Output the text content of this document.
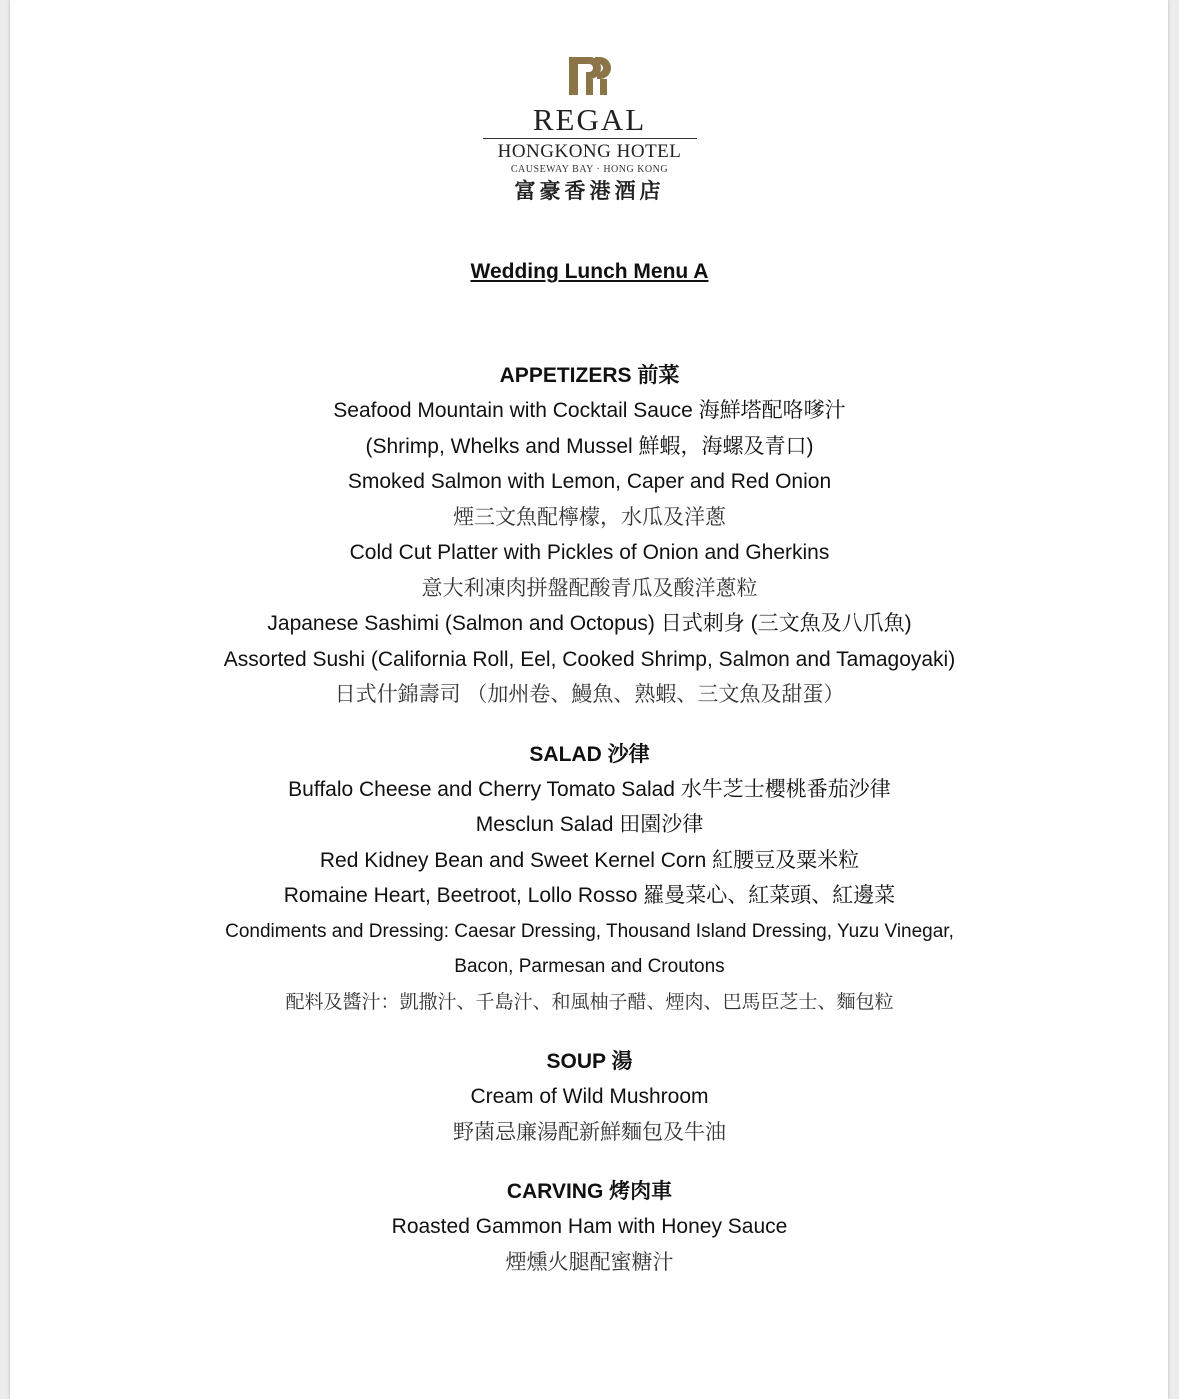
REGAL
HONGKONG HOTEL
CAUSEWAY BAY · HONG KONG
富豪香港酒店
Wedding Lunch Menu A
APPETIZERS 前菜
Seafood Mountain with Cocktail Sauce 海鮮塔配咯嗲汁
(Shrimp, Whelks and Mussel 鮮蝦，海螺及青口)
Smoked Salmon with Lemon, Caper and Red Onion
煙三文魚配檸檬，水瓜及洋蔥
Cold Cut Platter with Pickles of Onion and Gherkins
意大利凍肉拼盤配酸青瓜及酸洋蔥粒
Japanese Sashimi (Salmon and Octopus) 日式刺身 (三文魚及八爪魚)
Assorted Sushi (California Roll, Eel, Cooked Shrimp, Salmon and Tamagoyaki)
日式什錦壽司 （加州卷、鰻魚、熟蝦、三文魚及甜蛋）
SALAD 沙律
Buffalo Cheese and Cherry Tomato Salad 水牛芝士櫻桃番茄沙律
Mesclun Salad 田園沙律
Red Kidney Bean and Sweet Kernel Corn 紅腰豆及粟米粒
Romaine Heart, Beetroot, Lollo Rosso 羅曼菜心、紅菜頭、紅邊菜
Condiments and Dressing: Caesar Dressing, Thousand Island Dressing, Yuzu Vinegar,
Bacon, Parmesan and Croutons
配料及醬汁：凱撒汁、千島汁、和風柚子醋、煙肉、巴馬臣芝士、麵包粒
SOUP 湯
Cream of Wild Mushroom
野菌忌廉湯配新鮮麵包及牛油
CARVING 烤肉車
Roasted Gammon Ham with Honey Sauce
煙燻火腿配蜜糖汁
